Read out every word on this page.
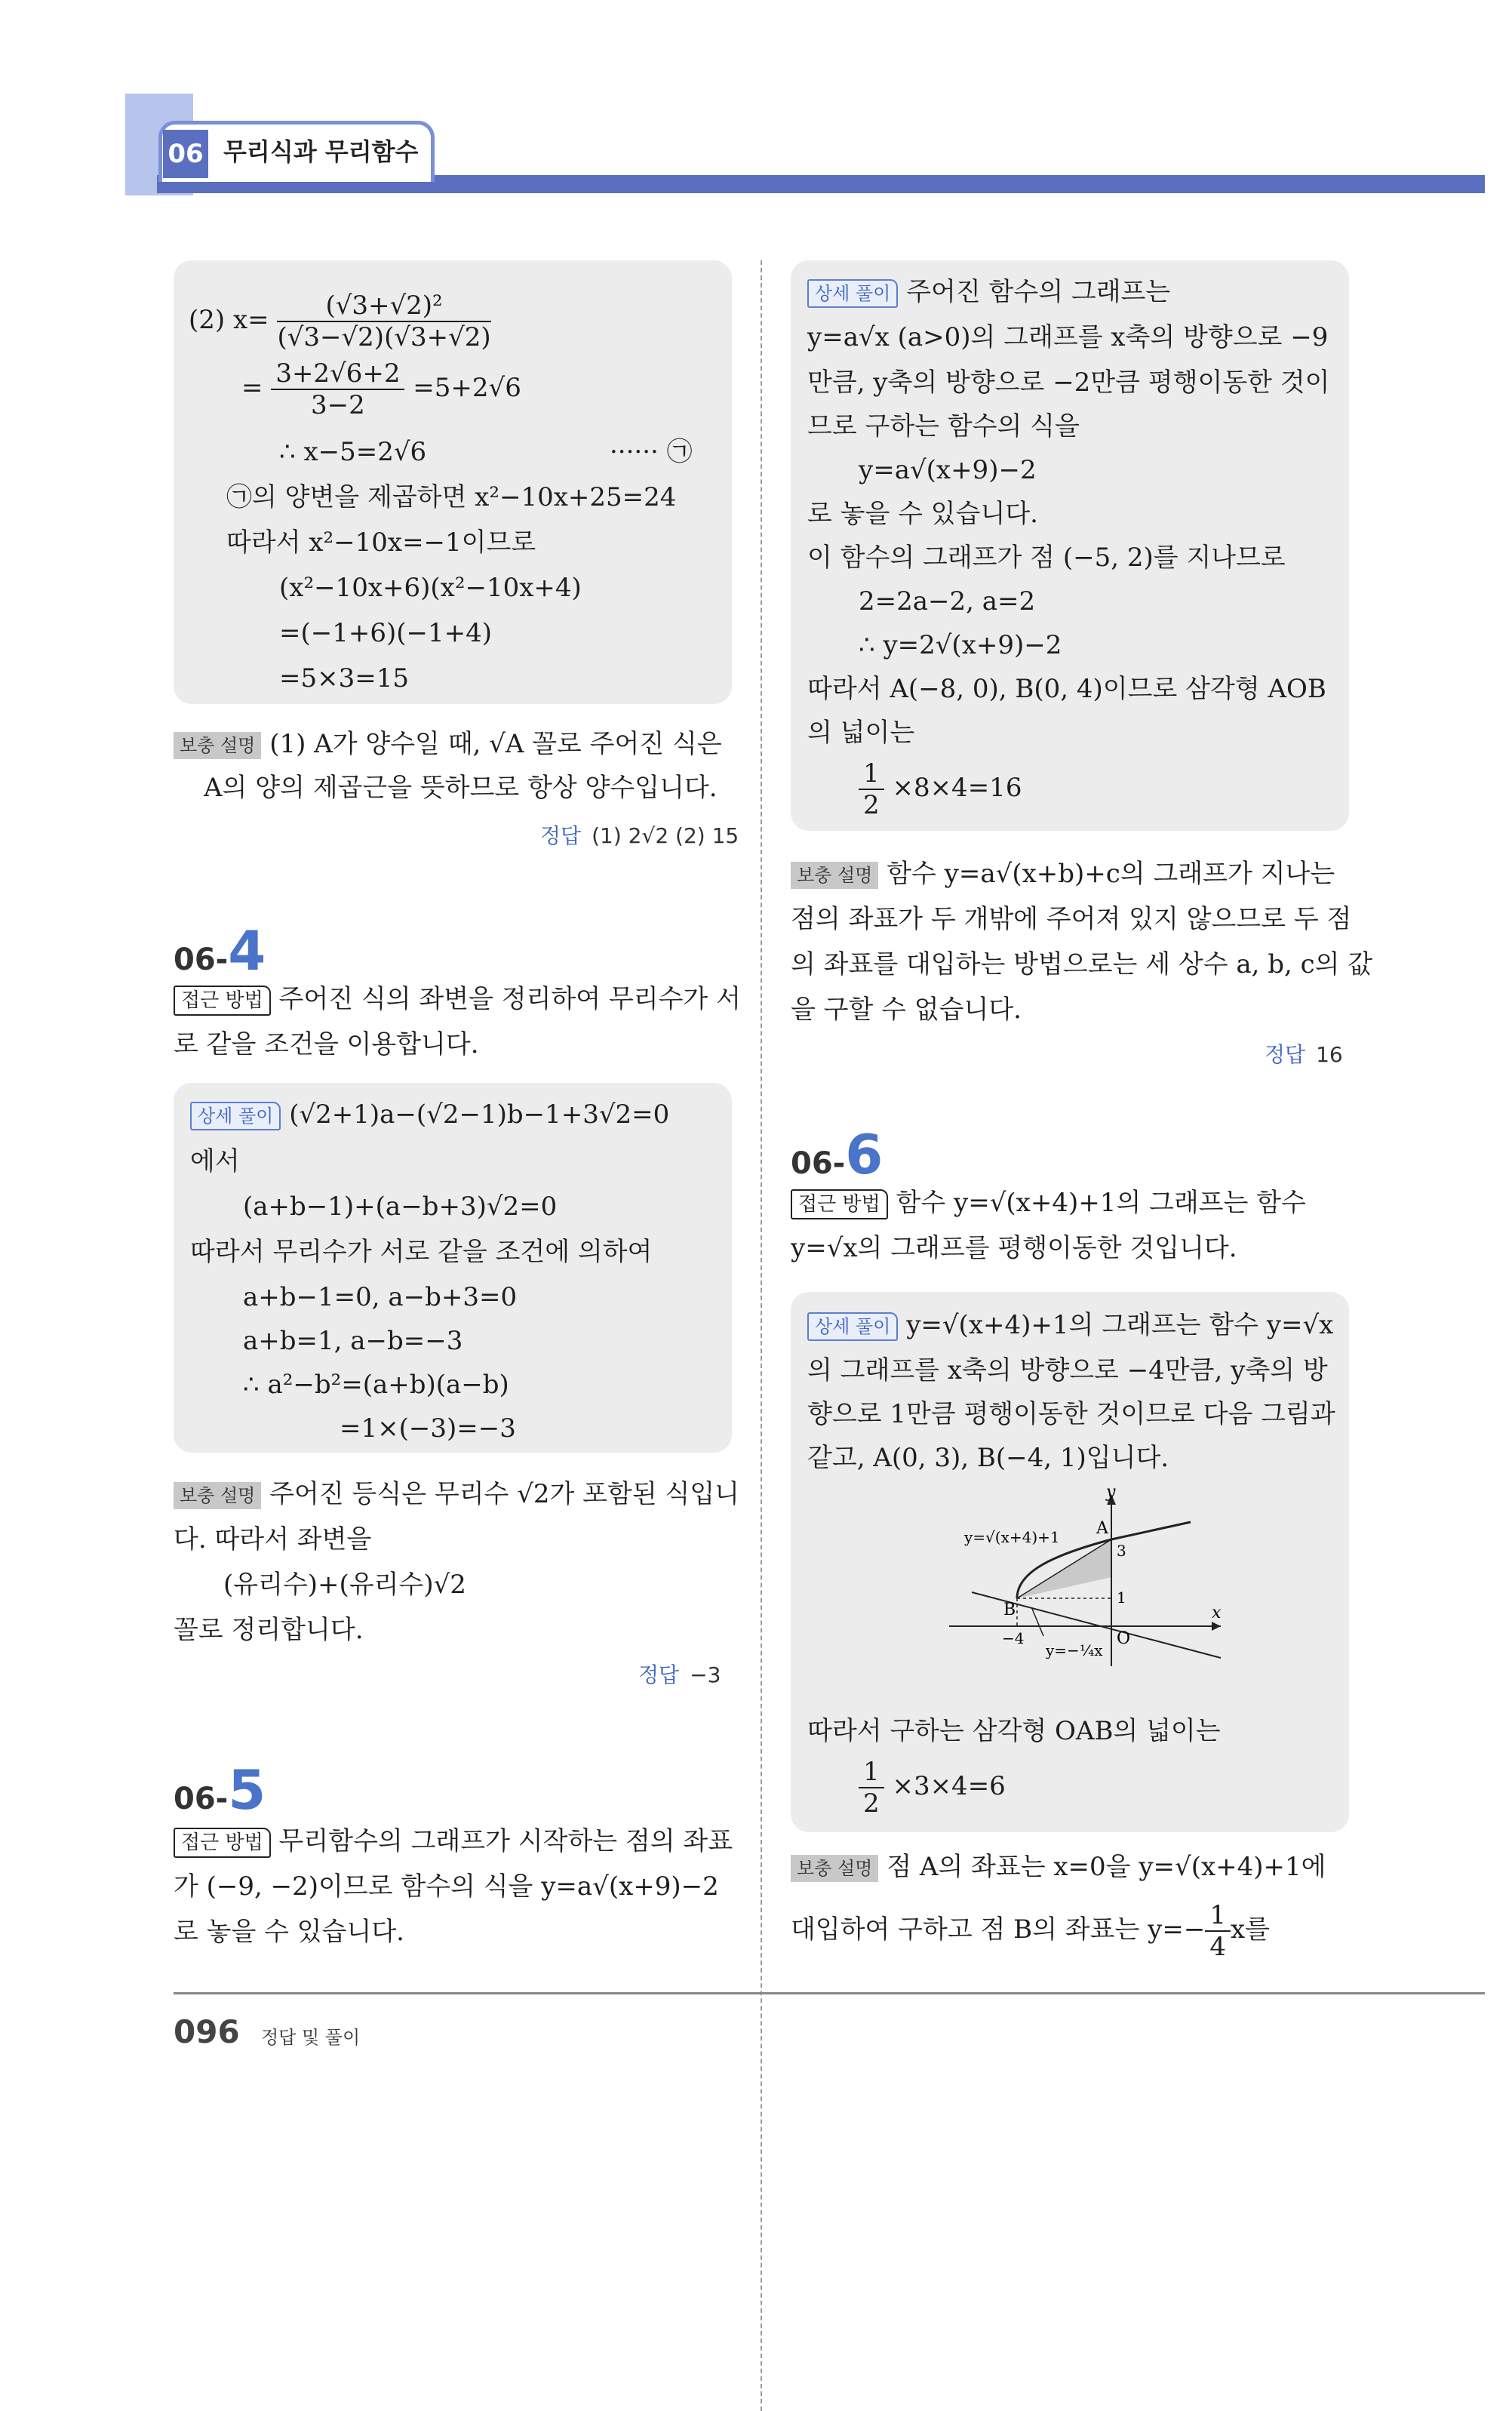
06 무리식과 무리함수
(2) $x= \frac{\text{(√3+√2)²}}{(√3-√2)(√3+√2)}$
= $\frac{3+2√6+2}{3-2} =5+2√6$
∴ x−5=2√6	······ ㉠
㉠의 양변을 제곱하면 x²−10x+25=24
따라서 x²−10x=−1이므로
(x²−10x+6)(x²−10x+4)
=(−1+6)(−1+4)
=5×3=15
보충 설명 (1) A가 양수일 때, √A 꼴로 주어진 식은
A의 양의 제곱근을 뜻하므로 항상 양수입니다.
정답 (1) 2√2 (2) 15
06-4
접근 방법 주어진 식의 좌변을 정리하여 무리수가 서
로 같을 조건을 이용합니다.
상세 풀이 (√2+1)a−(√2−1)b−1+3√2=0
에서
(a+b−1)+(a−b+3)√2=0
따라서 무리수가 서로 같을 조건에 의하여
a+b−1=0, a−b+3=0
a+b=1, a−b=−3
∴ a²−b²=(a+b)(a−b)
=1×(−3)=−3
보충 설명 주어진 등식은 무리수 √2가 포함된 식입니
다. 따라서 좌변을
(유리수)+(유리수)√2
꼴로 정리합니다.
정답 −3
06-5
접근 방법 무리함수의 그래프가 시작하는 점의 좌표
가 (−9, −2)이므로 함수의 식을 y=a√(x+9)−2
로 놓을 수 있습니다.
상세 풀이 주어진 함수의 그래프는
y=a√x (a>0)의 그래프를 x축의 방향으로 −9
만큼, y축의 방향으로 −2만큼 평행이동한 것이
므로 구하는 함수의 식을
y=a√(x+9)−2
로 놓을 수 있습니다.
이 함수의 그래프가 점 (−5, 2)를 지나므로
2=2a−2, a=2
∴ y=2√(x+9)−2
따라서 A(−8, 0), B(0, 4)이므로 삼각형 AOB
의 넓이는
$\frac{1}{2} \times 8\times 4=16$
보충 설명 함수 y=a√(x+b)+c의 그래프가 지나는
점의 좌표가 두 개밖에 주어져 있지 않으므로 두 점
의 좌표를 대입하는 방법으로는 세 상수 a, b, c의 값
을 구할 수 없습니다.
정답 16
06-6
접근 방법 함수 y=√(x+4)+1의 그래프는 함수
y=√x의 그래프를 평행이동한 것입니다.
상세 풀이 y=√(x+4)+1의 그래프는 함수 y=√x
의 그래프를 x축의 방향으로 −4만큼, y축의 방
향으로 1만큼 평행이동한 것이므로 다음 그림과
같고, A(0, 3), B(−4, 1)입니다.
y
x
y=√(x+4)+1 A
B
3
1
−4	O
y=−¼x
따라서 구하는 삼각형 OAB의 넓이는
$\frac{1}{2} \times 3\times 4=6$
보충 설명 점 A의 좌표는 x=0을 y=√(x+4)+1에
대입하여 구하고 점 B의 좌표는 $y=- \frac{1}{4}$ x를
096 정답 및 풀이
